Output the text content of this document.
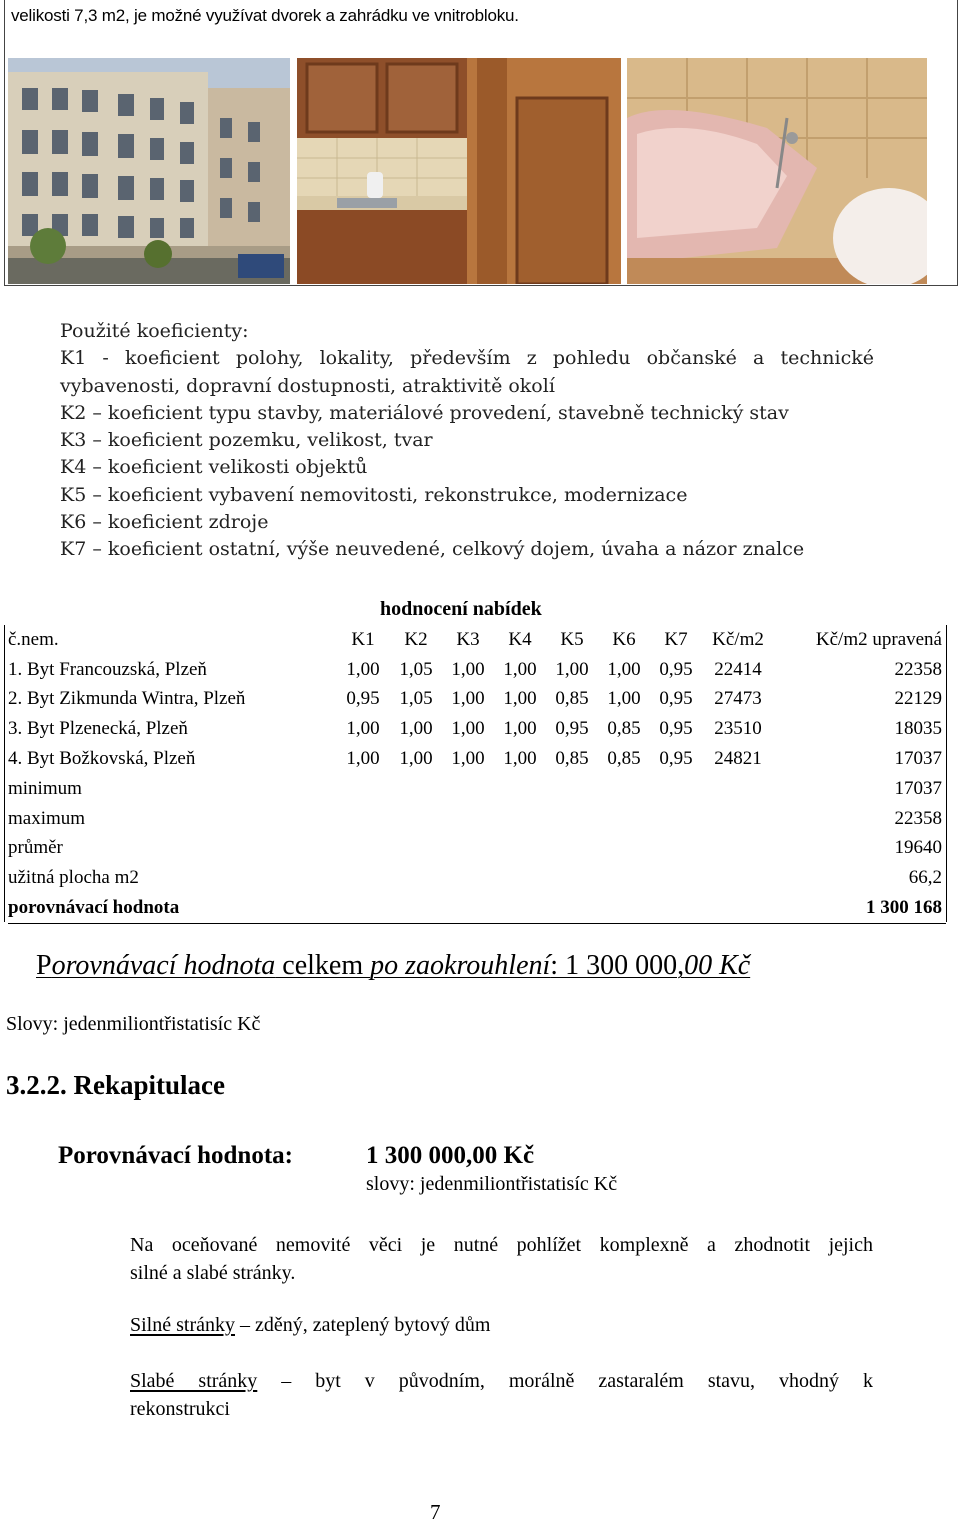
velikosti 7,3 m2, je možné využívat dvorek a zahrádku ve vnitrobloku.
Použité koeficienty:
K1 - koeficient polohy, lokality, především z pohledu občanské a technické
vybavenosti, dopravní dostupnosti, atraktivitě okolí
K2 – koeficient typu stavby, materiálové provedení, stavebně technický stav
K3 – koeficient pozemku, velikost, tvar
K4 – koeficient velikosti objektů
K5 – koeficient vybavení nemovitosti, rekonstrukce, modernizace
K6 – koeficient zdroje
K7 – koeficient ostatní, výše neuvedené, celkový dojem, úvaha a názor znalce
hodnocení nabídek
č.nem.	K1	K2	K3	K4	K5	K6	K7	Kč/m2	Kč/m2 upravená
1. Byt Francouzská, Plzeň	1,00	1,05	1,00	1,00	1,00	1,00	0,95	22414	22358
2. Byt Zikmunda Wintra, Plzeň	0,95	1,05	1,00	1,00	0,85	1,00	0,95	27473	22129
3. Byt Plzenecká, Plzeň	1,00	1,00	1,00	1,00	0,95	0,85	0,95	23510	18035
4. Byt Božkovská, Plzeň	1,00	1,00	1,00	1,00	0,85	0,85	0,95	24821	17037
minimum									17037
maximum									22358
průměr									19640
užitná plocha m2									66,2
porovnávací hodnota									1 300 168
Porovnávací hodnota celkem po zaokrouhlení: 1 300 000,00 Kč
Slovy: jedenmiliontřistatisíc Kč
3.2.2. Rekapitulace
Porovnávací hodnota:	1 300 000,00 Kč
slovy: jedenmiliontřistatisíc Kč
Na oceňované nemovité věci je nutné pohlížet komplexně a zhodnotit jejich
silné a slabé stránky.
Silné stránky – zděný, zateplený bytový dům
Slabé stránky – byt v původním, morálně zastaralém stavu, vhodný k
rekonstrukci
7
